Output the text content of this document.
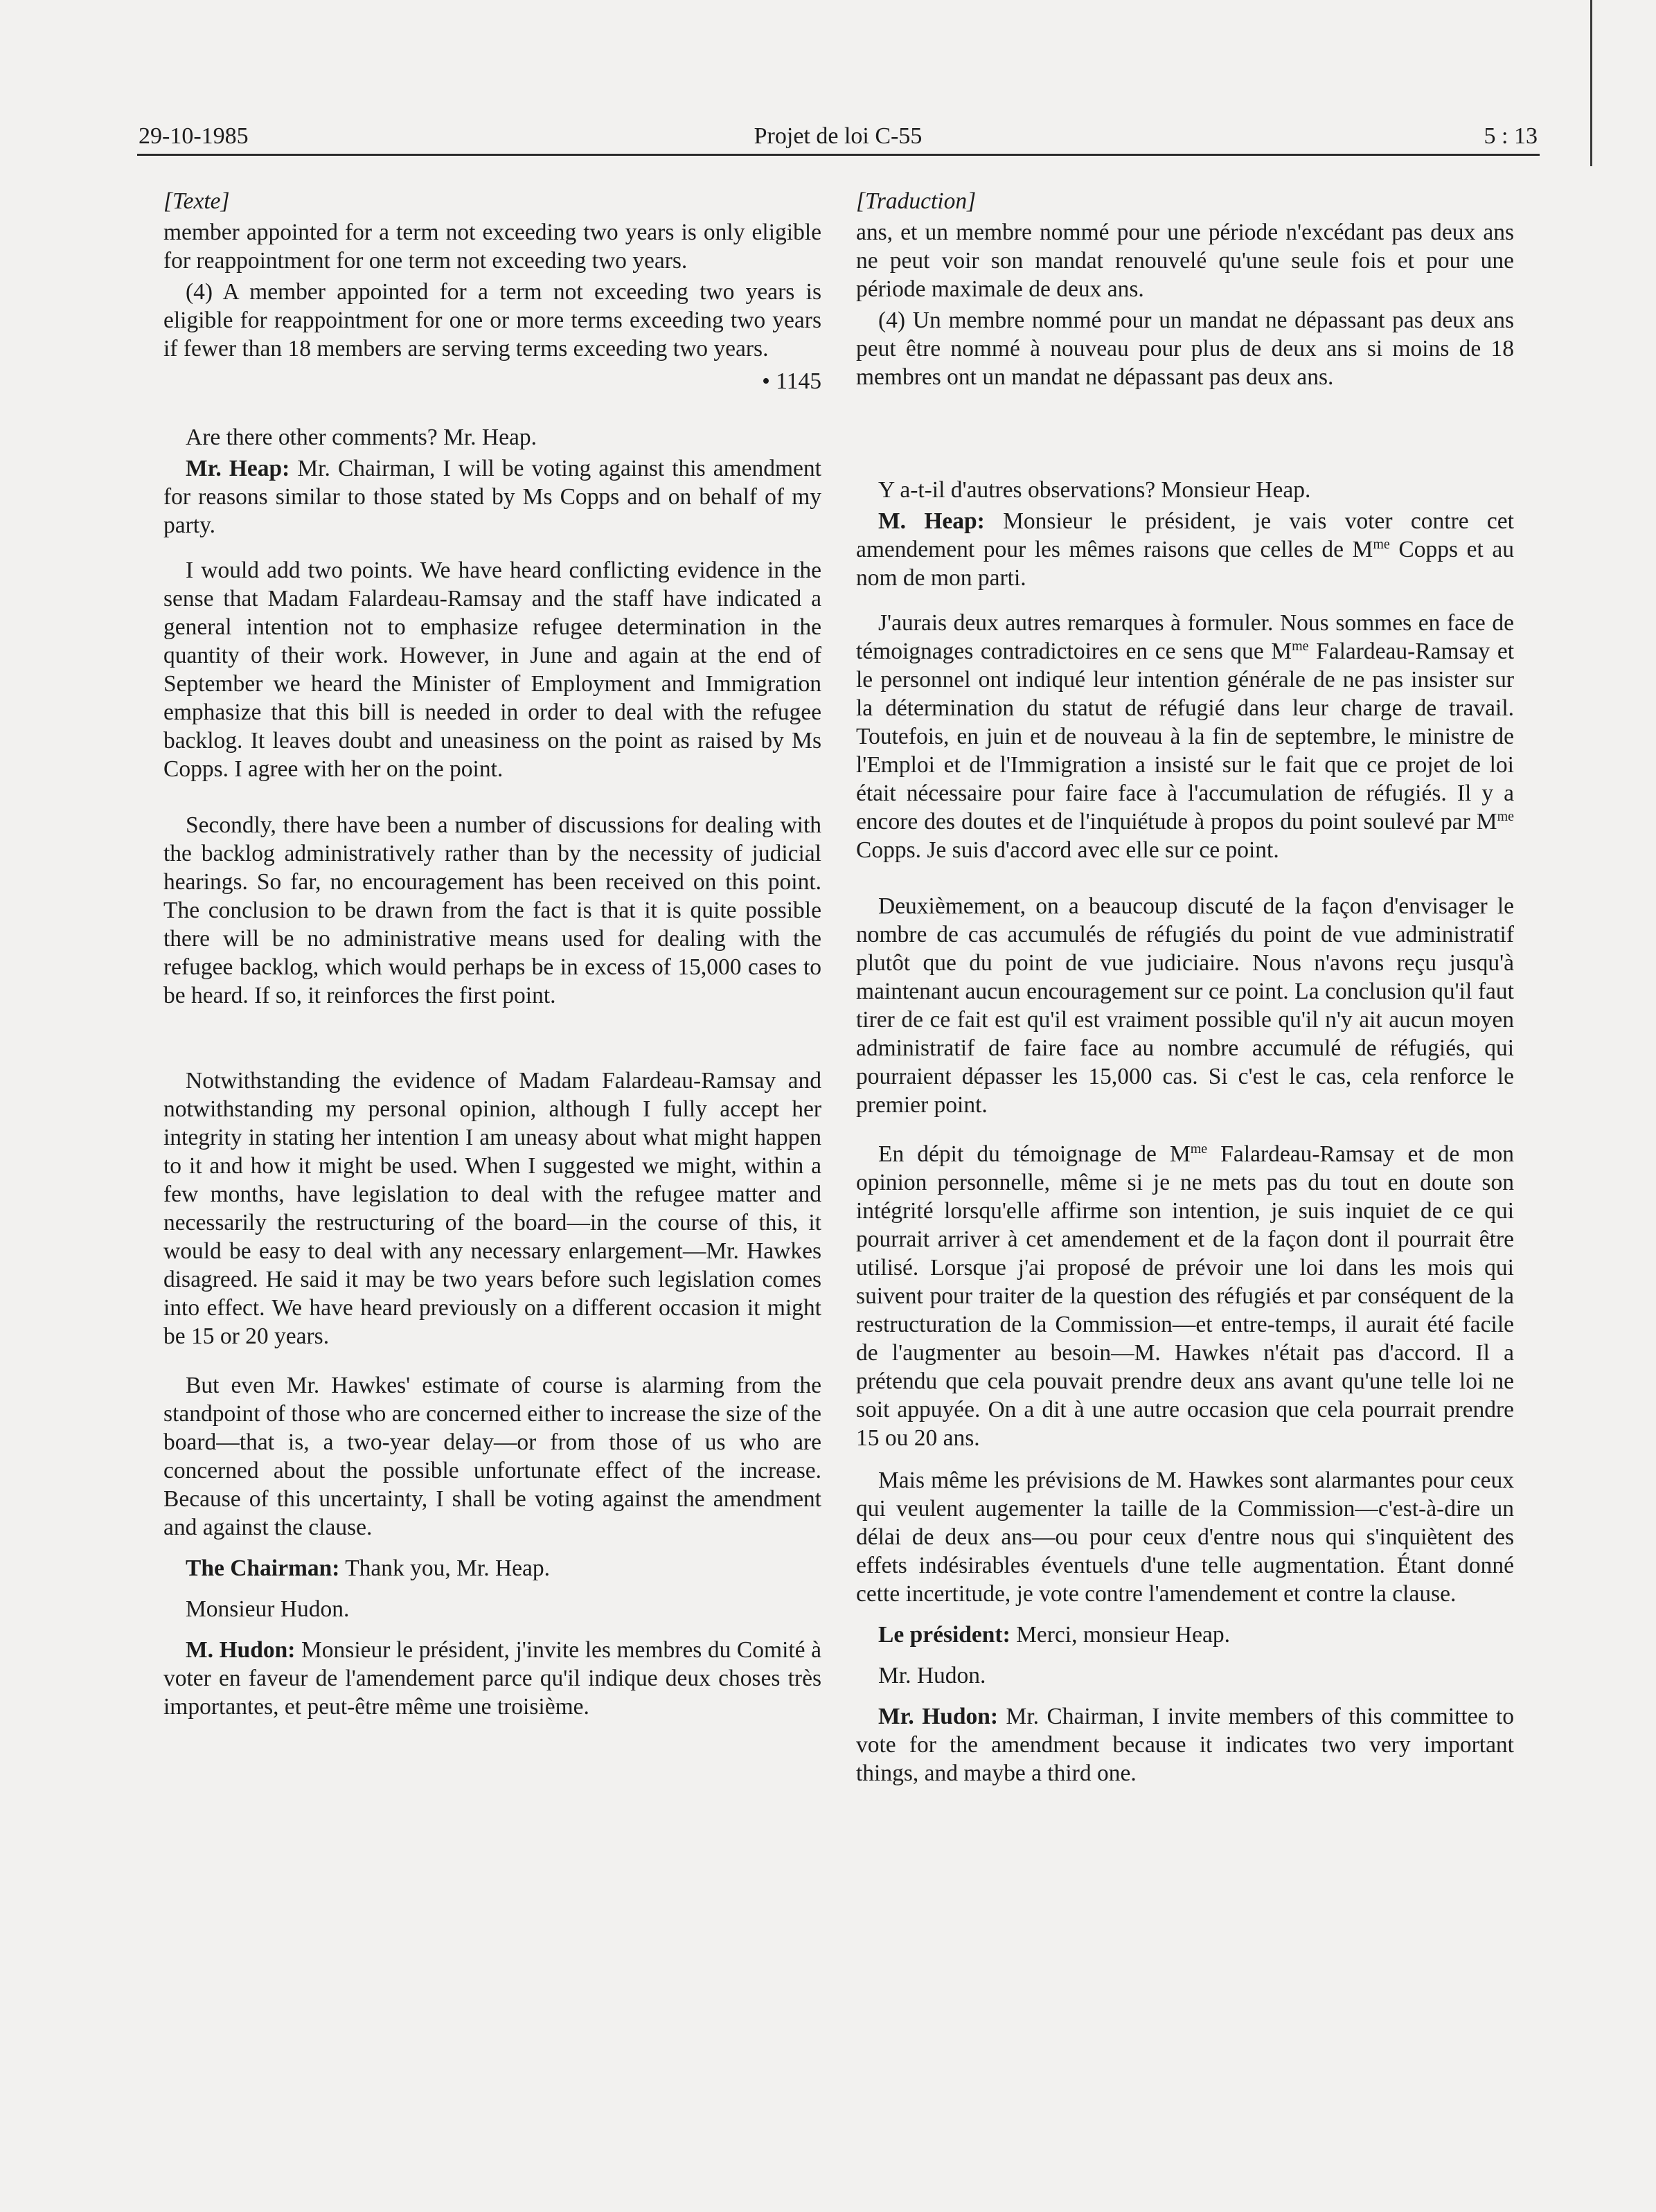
29-10-1985	Projet de loi C-55	5 : 13
[Texte]

member appointed for a term not exceeding two years is only eligible for reappointment for one term not exceeding two years.

(4) A member appointed for a term not exceeding two years is eligible for reappointment for one or more terms exceeding two years if fewer than 18 members are serving terms exceeding two years.

• 1145

Are there other comments? Mr. Heap.

Mr. Heap: Mr. Chairman, I will be voting against this amendment for reasons similar to those stated by Ms Copps and on behalf of my party.

I would add two points. We have heard conflicting evidence in the sense that Madam Falardeau-Ramsay and the staff have indicated a general intention not to emphasize refugee determination in the quantity of their work. However, in June and again at the end of September we heard the Minister of Employment and Immigration emphasize that this bill is needed in order to deal with the refugee backlog. It leaves doubt and uneasiness on the point as raised by Ms Copps. I agree with her on the point.

Secondly, there have been a number of discussions for dealing with the backlog administratively rather than by the necessity of judicial hearings. So far, no encouragement has been received on this point. The conclusion to be drawn from the fact is that it is quite possible there will be no administrative means used for dealing with the refugee backlog, which would perhaps be in excess of 15,000 cases to be heard. If so, it reinforces the first point.

Notwithstanding the evidence of Madam Falardeau-Ramsay and notwithstanding my personal opinion, although I fully accept her integrity in stating her intention I am uneasy about what might happen to it and how it might be used. When I suggested we might, within a few months, have legislation to deal with the refugee matter and necessarily the restructuring of the board—in the course of this, it would be easy to deal with any necessary enlargement—Mr. Hawkes disagreed. He said it may be two years before such legislation comes into effect. We have heard previously on a different occasion it might be 15 or 20 years.

But even Mr. Hawkes' estimate of course is alarming from the standpoint of those who are concerned either to increase the size of the board—that is, a two-year delay—or from those of us who are concerned about the possible unfortunate effect of the increase. Because of this uncertainty, I shall be voting against the amendment and against the clause.

The Chairman: Thank you, Mr. Heap.

Monsieur Hudon.

M. Hudon: Monsieur le président, j'invite les membres du Comité à voter en faveur de l'amendement parce qu'il indique deux choses très importantes, et peut-être même une troisième.

[Traduction]

ans, et un membre nommé pour une période n'excédant pas deux ans ne peut voir son mandat renouvelé qu'une seule fois et pour une période maximale de deux ans.

(4) Un membre nommé pour un mandat ne dépassant pas deux ans peut être nommé à nouveau pour plus de deux ans si moins de 18 membres ont un mandat ne dépassant pas deux ans.

Y a-t-il d'autres observations? Monsieur Heap.

M. Heap: Monsieur le président, je vais voter contre cet amendement pour les mêmes raisons que celles de $M^{me}$ Copps et au nom de mon parti.

J'aurais deux autres remarques à formuler. Nous sommes en face de témoignages contradictoires en ce sens que $M^{me}$ Falardeau-Ramsay et le personnel ont indiqué leur intention générale de ne pas insister sur la détermination du statut de réfugié dans leur charge de travail. Toutefois, en juin et de nouveau à la fin de septembre, le ministre de l'Emploi et de l'Immigration a insisté sur le fait que ce projet de loi était nécessaire pour faire face à l'accumulation de réfugiés. Il y a encore des doutes et de l'inquiétude à propos du point soulevé par $M^{me}$ Copps. Je suis d'accord avec elle sur ce point.

Deuxièmement, on a beaucoup discuté de la façon d'envisager le nombre de cas accumulés de réfugiés du point de vue administratif plutôt que du point de vue judiciaire. Nous n'avons reçu jusqu'à maintenant aucun encouragement sur ce point. La conclusion qu'il faut tirer de ce fait est qu'il est vraiment possible qu'il n'y ait aucun moyen administratif de faire face au nombre accumulé de réfugiés, qui pourraient dépasser les 15,000 cas. Si c'est le cas, cela renforce le premier point.

En dépit du témoignage de $M^{me}$ Falardeau-Ramsay et de mon opinion personnelle, même si je ne mets pas du tout en doute son intégrité lorsqu'elle affirme son intention, je suis inquiet de ce qui pourrait arriver à cet amendement et de la façon dont il pourrait être utilisé. Lorsque j'ai proposé de prévoir une loi dans les mois qui suivent pour traiter de la question des réfugiés et par conséquent de la restructuration de la Commission—et entre-temps, il aurait été facile de l'augmenter au besoin—M. Hawkes n'était pas d'accord. Il a prétendu que cela pouvait prendre deux ans avant qu'une telle loi ne soit appuyée. On a dit à une autre occasion que cela pourrait prendre 15 ou 20 ans.

Mais même les prévisions de M. Hawkes sont alarmantes pour ceux qui veulent augementer la taille de la Commission—c'est-à-dire un délai de deux ans—ou pour ceux d'entre nous qui s'inquiètent des effets indésirables éventuels d'une telle augmentation. Étant donné cette incertitude, je vote contre l'amendement et contre la clause.

Le président: Merci, monsieur Heap.

Mr. Hudon.

Mr. Hudon: Mr. Chairman, I invite members of this committee to vote for the amendment because it indicates two very important things, and maybe a third one.
